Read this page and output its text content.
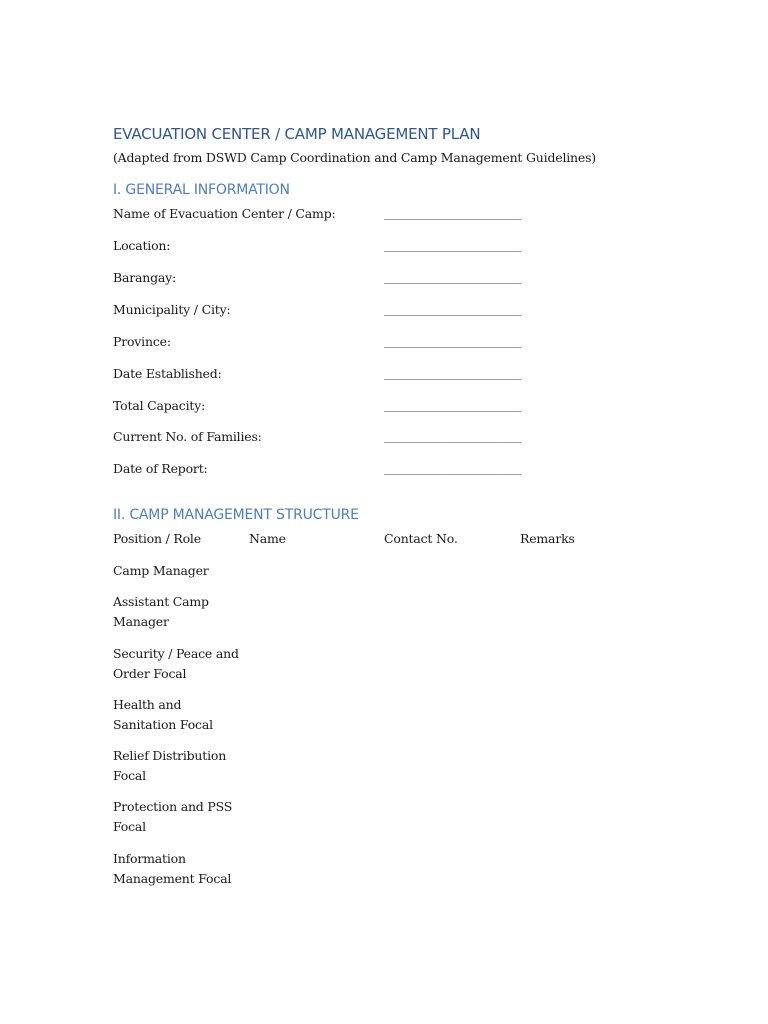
EVACUATION CENTER / CAMP MANAGEMENT PLAN
(Adapted from DSWD Camp Coordination and Camp Management Guidelines)
I. GENERAL INFORMATION
Name of Evacuation Center / Camp:	________________________
Location:	________________________
Barangay:	________________________
Municipality / City:	________________________
Province:	________________________
Date Established:	________________________
Total Capacity:	________________________
Current No. of Families:	________________________
Date of Report:	________________________
II. CAMP MANAGEMENT STRUCTURE
Position / Role	Name	Contact No.	Remarks
Camp Manager
Assistant Camp
Manager
Security / Peace and
Order Focal
Health and
Sanitation Focal
Relief Distribution
Focal
Protection and PSS
Focal
Information
Management Focal
